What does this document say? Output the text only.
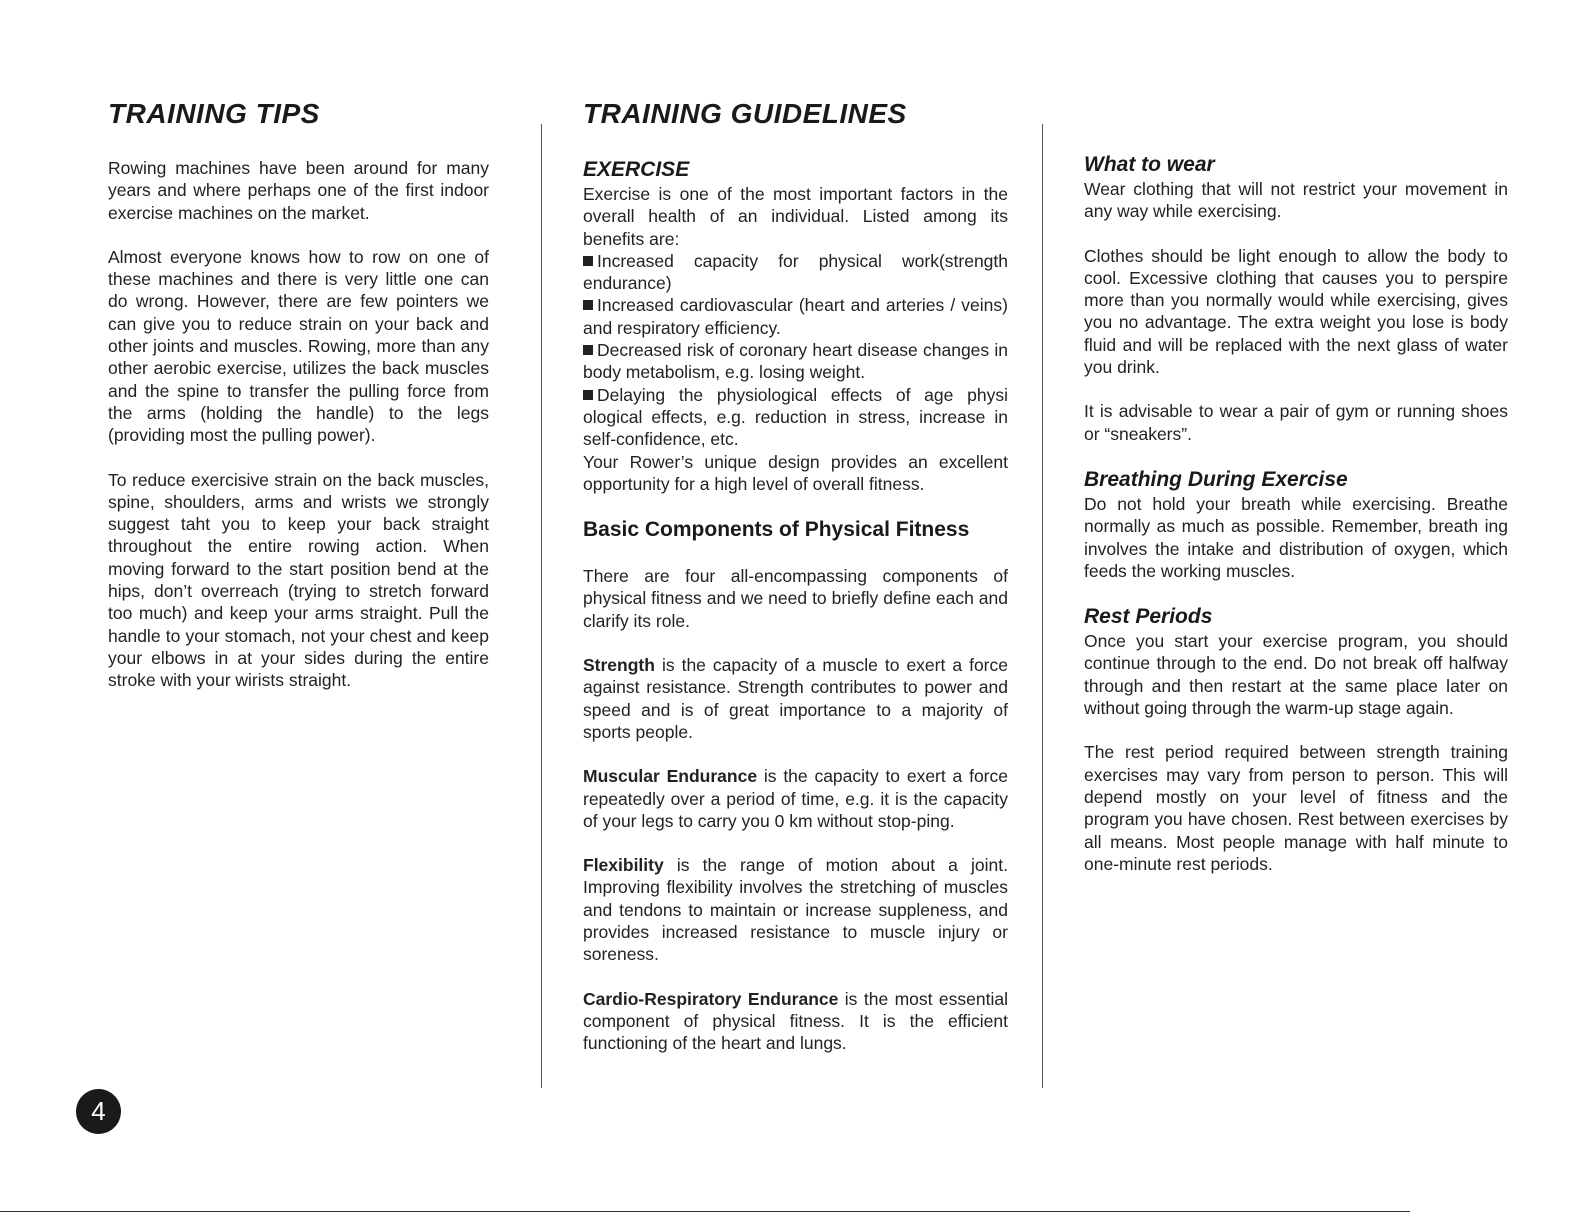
TRAINING TIPS

Rowing machines have been around for many years and where perhaps one of the first indoor exercise machines on the market.

Almost everyone knows how to row on one of these machines and there is very little one can do wrong. However, there are few pointers we can give you to reduce strain on your back and other joints and muscles. Rowing, more than any other aerobic exercise, utilizes the back muscles and the spine to transfer the pulling force from the arms (holding the handle) to the legs (providing most the pulling power).

To reduce exercisive strain on the back muscles, spine, shoulders, arms and wrists we strongly suggest taht you to keep your back straight throughout the entire rowing action. When moving forward to the start position bend at the hips, don’t overreach (trying to stretch forward too much) and keep your arms straight. Pull the handle to your stomach, not your chest and keep your elbows in at your sides during the entire stroke with your wirists straight.

TRAINING GUIDELINES
EXERCISE

Exercise is one of the most important factors in the overall health of an individual. Listed among its benefits are:

Increased capacity for physical work(strength endurance)

Increased cardiovascular (heart and arteries / veins) and respiratory efficiency.

Decreased risk of coronary heart disease changes in body metabolism, e.g. losing weight.

Delaying the physiological effects of age physi ological effects, e.g. reduction in stress, increase in self-confidence, etc.

Your Rower’s unique design provides an excellent opportunity for a high level of overall fitness.

Basic Components of Physical Fitness

There are four all-encompassing components of physical fitness and we need to briefly define each and clarify its role.

Strength is the capacity of a muscle to exert a force against resistance. Strength contributes to power and speed and is of great importance to a majority of sports people.

Muscular Endurance is the capacity to exert a force repeatedly over a period of time, e.g. it is the capacity of your legs to carry you 0 km without stop-ping.

Flexibility is the range of motion about a joint. Improving flexibility involves the stretching of muscles and tendons to maintain or increase suppleness, and provides increased resistance to muscle injury or soreness.

Cardio-Respiratory Endurance is the most essential component of physical fitness. It is the efficient functioning of the heart and lungs.

What to wear

Wear clothing that will not restrict your movement in any way while exercising.

Clothes should be light enough to allow the body to cool. Excessive clothing that causes you to perspire more than you normally would while exercising, gives you no advantage. The extra weight you lose is body fluid and will be replaced with the next glass of water you drink.

It is advisable to wear a pair of gym or running shoes or “sneakers”.

Breathing During Exercise

Do not hold your breath while exercising. Breathe normally as much as possible. Remember, breath ing involves the intake and distribution of oxygen, which feeds the working muscles.

Rest Periods

Once you start your exercise program, you should continue through to the end. Do not break off halfway through and then restart at the same place later on without going through the warm-up stage again.

The rest period required between strength training exercises may vary from person to person. This will depend mostly on your level of fitness and the program you have chosen. Rest between exercises by all means. Most people manage with half minute to one-minute rest periods.

4
